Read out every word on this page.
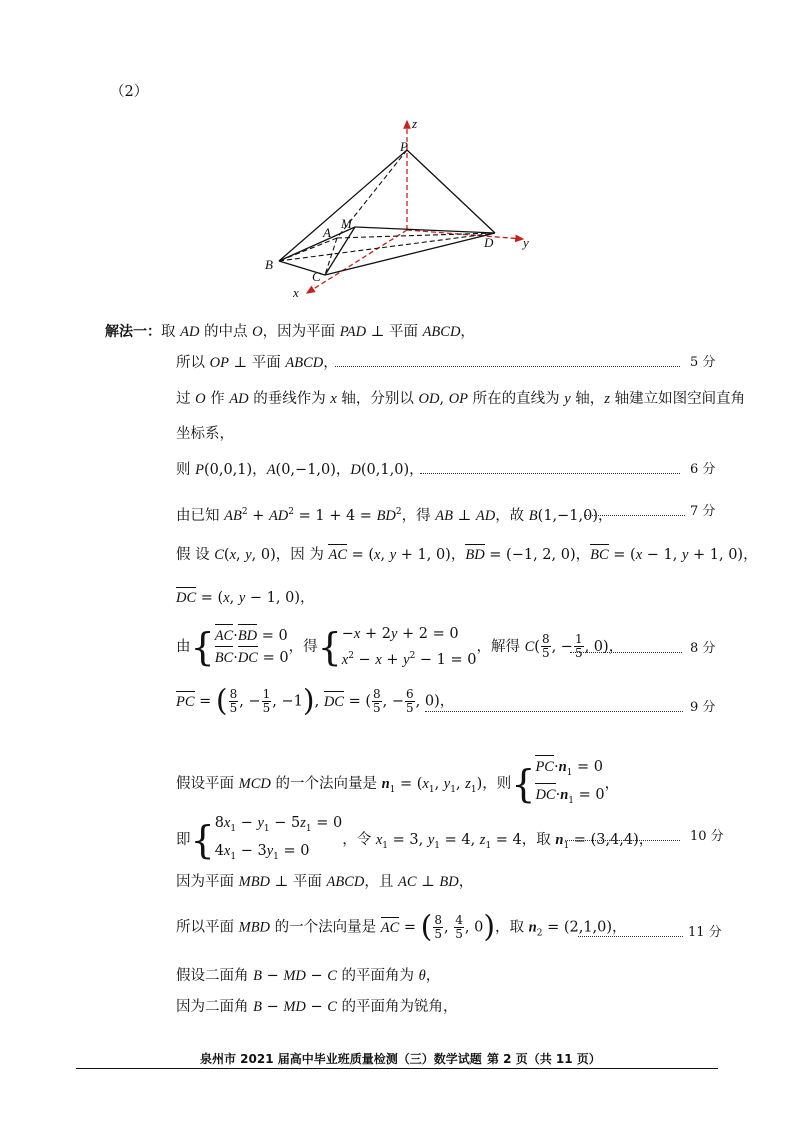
（2）
P
A
M
B
C
D
x
y
z
解法一：取 AD 的中点 O，因为平面 PAD ⊥ 平面 ABCD，
所以 OP ⊥ 平面 ABCD，	5 分
过 O 作 AD 的垂线作为 x 轴，分别以 OD, OP 所在的直线为 y 轴，z 轴建立如图空间直角
坐标系，
则 P(0,0,1)，A(0,−1,0)，D(0,1,0)，	6 分
由已知 $AB^2 + AD^2 = 1 + 4 = BD^2$，得 AB ⊥ AD，故 B(1,−1,0)，	7 分
假 设 C(x, y, 0)，因 为 AC = (x, y + 1, 0)，BD = (−1, 2, 0)，BC = (x − 1, y + 1, 0)，
DC = (x, y − 1, 0)，
由{ AC·BD = 0
BC·DC = 0
，得{ −x + 2y + 2 = 0
$x^2 - x + y^2 - 1 = 0$
，解得 $C( \frac{8}{5}$ , − $\frac{1}{5}$ , 0)，	8 分
PC = ( $\frac{8}{5}$ , − $\frac{1}{5}$ , −1), DC = ( $\frac{8}{5}$ , − $\frac{6}{5}$ , 0)，	9 分
假设平面 MCD 的一个法向量是 $n_1 = (x_1$, $y_1$, $z_1$)，则{ $PC\cdot n_1 = 0$
$DC\cdot n_1 = 0$
，
即{ $8x_1 - y_1 - 5z_1 = 0$
$4x_1 - 3y_1 = 0$
，令 $x_1 = 3$, $y_1 = 4$, $z_1 = 4$，取 $n_1 = (3,4,4)$，	10 分
因为平面 MBD ⊥ 平面 ABCD，且 AC ⊥ BD，
所以平面 MBD 的一个法向量是 AC = ( $\frac{8}{5}$ , $\frac{4}{5}$ , 0)，取 $n_2 = (2,1,0)$，	11 分
假设二面角 B − MD − C 的平面角为 θ，
因为二面角 B − MD − C 的平面角为锐角，
泉州市 2021 届高中毕业班质量检测（三）数学试题 第 2 页（共 11 页）
